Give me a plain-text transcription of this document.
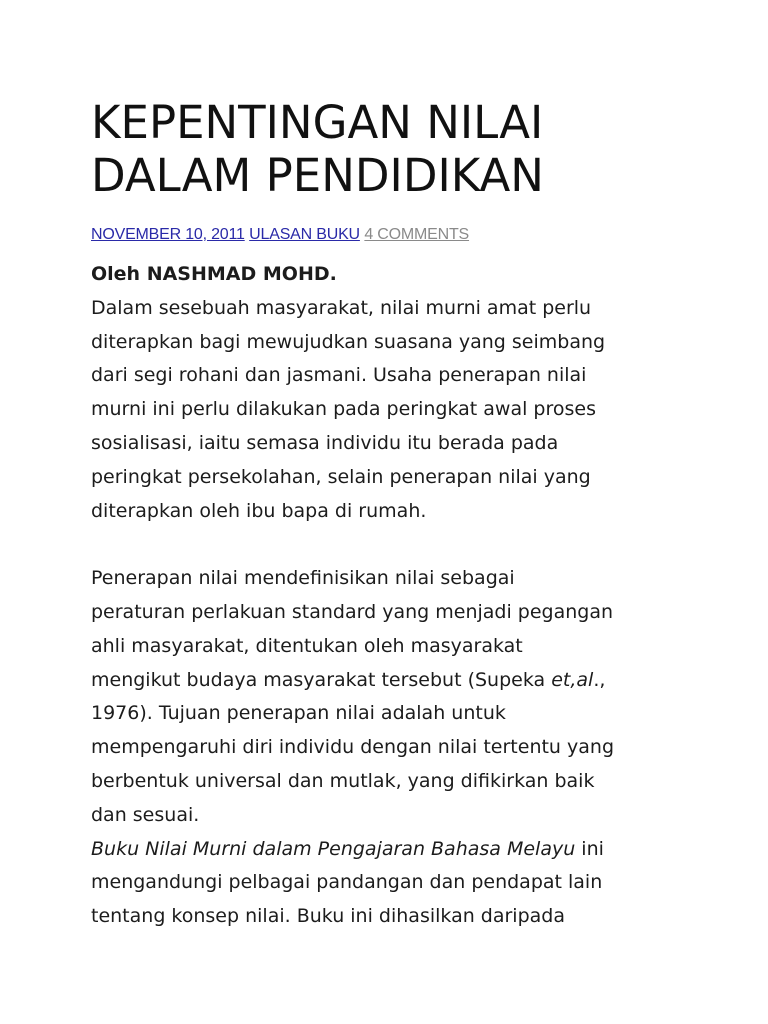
KEPENTINGAN NILAI
DALAM PENDIDIKAN
NOVEMBER 10, 2011 ULASAN BUKU 4 COMMENTS

Oleh NASHMAD MOHD.

Dalam sesebuah masyarakat, nilai murni amat perlu
diterapkan bagi mewujudkan suasana yang seimbang
dari segi rohani dan jasmani. Usaha penerapan nilai
murni ini perlu dilakukan pada peringkat awal proses
sosialisasi, iaitu semasa individu itu berada pada
peringkat persekolahan, selain penerapan nilai yang
diterapkan oleh ibu bapa di rumah.

Penerapan nilai mendefinisikan nilai sebagai
peraturan perlakuan standard yang menjadi pegangan
ahli masyarakat, ditentukan oleh masyarakat
mengikut budaya masyarakat tersebut (Supeka et,al.,
1976). Tujuan penerapan nilai adalah untuk
mempengaruhi diri individu dengan nilai tertentu yang
berbentuk universal dan mutlak, yang difikirkan baik
dan sesuai.

Buku Nilai Murni dalam Pengajaran Bahasa Melayu ini
mengandungi pelbagai pandangan dan pendapat lain
tentang konsep nilai. Buku ini dihasilkan daripada
